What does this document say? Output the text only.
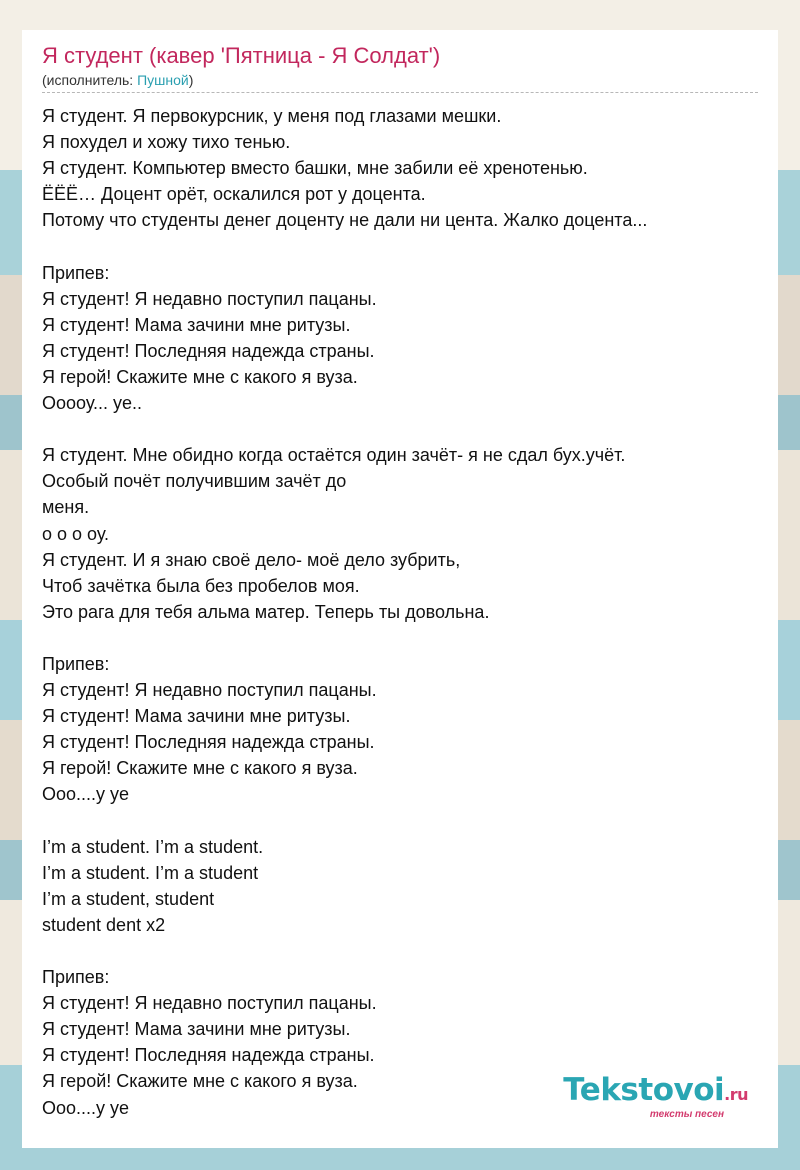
Я студент (кавер 'Пятница - Я Солдат')

(исполнитель: Пушной)

Я студент. Я первокурсник, у меня под глазами мешки.
Я похудел и хожу тихо тенью.
Я студент. Компьютер вместо башки, мне забили её хренотенью.
ЁЁЁ… Доцент орёт, оскалился рот у доцента.
Потому что студенты денег доценту не дали ни цента. Жалко доцента...
Припев:
Я студент! Я недавно поступил пацаны.
Я студент! Мама зачини мне ритузы.
Я студент! Последняя надежда страны.
Я герой! Скажите мне с какого я вуза.
Ооооу... ye..
Я студент. Мне обидно когда остаётся один зачёт- я не сдал бух.учёт.
Особый почёт получившим зачёт до
меня.
о о о оу.
Я студент. И я знаю своё дело- моё дело зубрить,
Чтоб зачётка была без пробелов моя.
Это рага для тебя альма матер. Теперь ты довольна.
Припев:
Я студент! Я недавно поступил пацаны.
Я студент! Мама зачини мне ритузы.
Я студент! Последняя надежда страны.
Я герой! Скажите мне с какого я вуза.
Ооо....у ye
I’m a student. I’m a student.
I’m a student. I’m a student
I’m a student, student
student dent x2
Припев:
Я студент! Я недавно поступил пацаны.
Я студент! Мама зачини мне ритузы.
Я студент! Последняя надежда страны.
Я герой! Скажите мне с какого я вуза.
Ооо....у ye	Tekstovoi.ru
тексты песен
